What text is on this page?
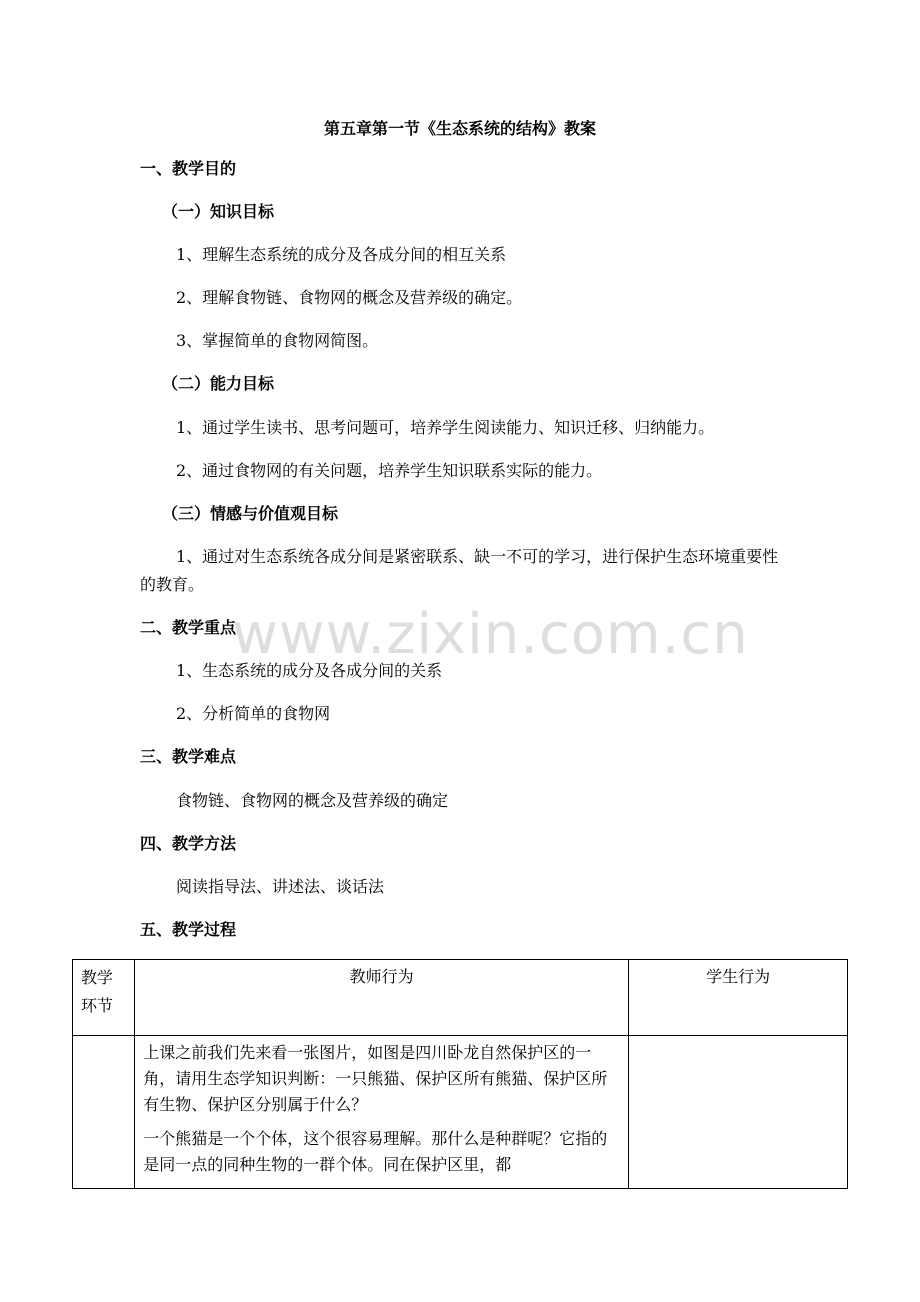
第五章第一节《生态系统的结构》教案
一、教学目的
（一）知识目标
1、理解生态系统的成分及各成分间的相互关系
2、理解食物链、食物网的概念及营养级的确定。
3、掌握简单的食物网简图。
（二）能力目标
1、通过学生读书、思考问题可，培养学生阅读能力、知识迁移、归纳能力。
2、通过食物网的有关问题，培养学生知识联系实际的能力。
（三）情感与价值观目标
1、通过对生态系统各成分间是紧密联系、缺一不可的学习，进行保护生态环境重要性的教育。
二、教学重点
1、生态系统的成分及各成分间的关系
2、分析简单的食物网
三、教学难点
食物链、食物网的概念及营养级的确定
四、教学方法
阅读指导法、讲述法、谈话法
五、教学过程
教学环节	教师行为	学生行为

	上课之前我们先来看一张图片，如图是四川卧龙自然保护区的一角，请用生态学知识判断：一只熊猫、保护区所有熊猫、保护区所有生物、保护区分别属于什么？

一个熊猫是一个个体，这个很容易理解。那什么是种群呢？它指的是同一点的同种生物的一群个体。同在保护区里，都	

www.zixin.com.cn
